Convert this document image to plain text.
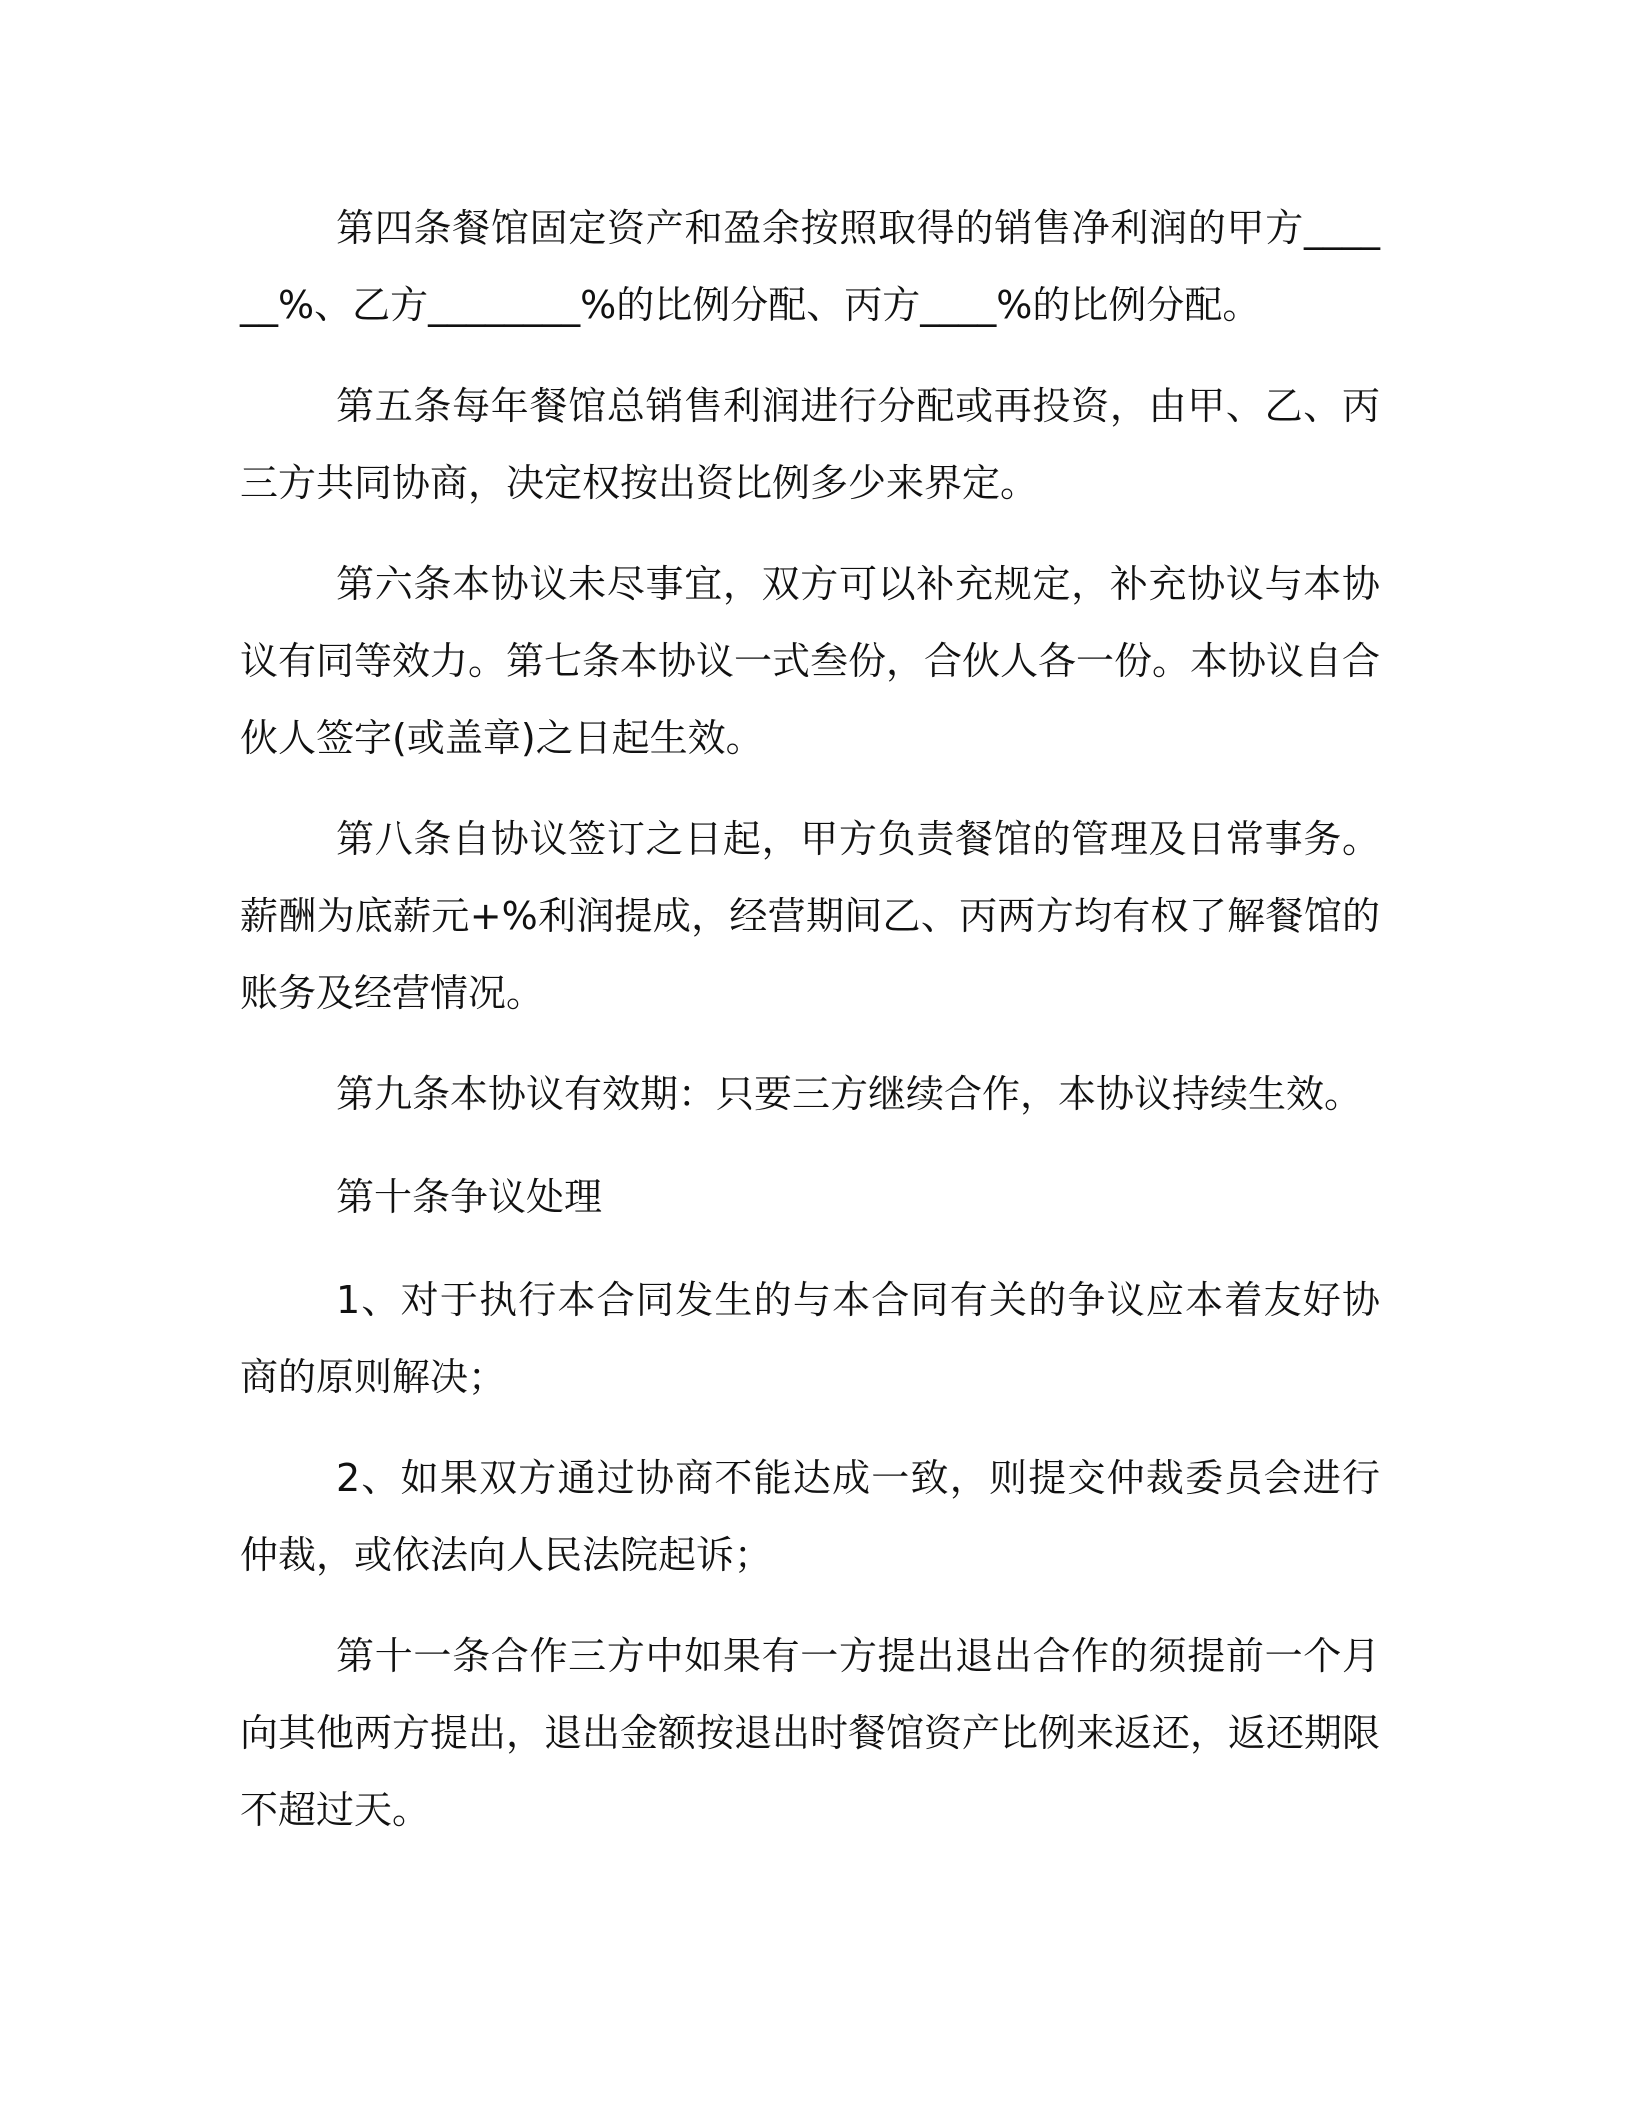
第四条餐馆固定资产和盈余按照取得的销售净利润的甲方______%、乙方________%的比例分配、丙方____%的比例分配。

第五条每年餐馆总销售利润进行分配或再投资，由甲、乙、丙三方共同协商，决定权按出资比例多少来界定。

第六条本协议未尽事宜，双方可以补充规定，补充协议与本协议有同等效力。第七条本协议一式叁份，合伙人各一份。本协议自合伙人签字(或盖章)之日起生效。

第八条自协议签订之日起，甲方负责餐馆的管理及日常事务。薪酬为底薪元+%利润提成，经营期间乙、丙两方均有权了解餐馆的账务及经营情况。

第九条本协议有效期：只要三方继续合作，本协议持续生效。

第十条争议处理

1、对于执行本合同发生的与本合同有关的争议应本着友好协商的原则解决；

2、如果双方通过协商不能达成一致，则提交仲裁委员会进行仲裁，或依法向人民法院起诉；

第十一条合作三方中如果有一方提出退出合作的须提前一个月向其他两方提出，退出金额按退出时餐馆资产比例来返还，返还期限不超过天。
